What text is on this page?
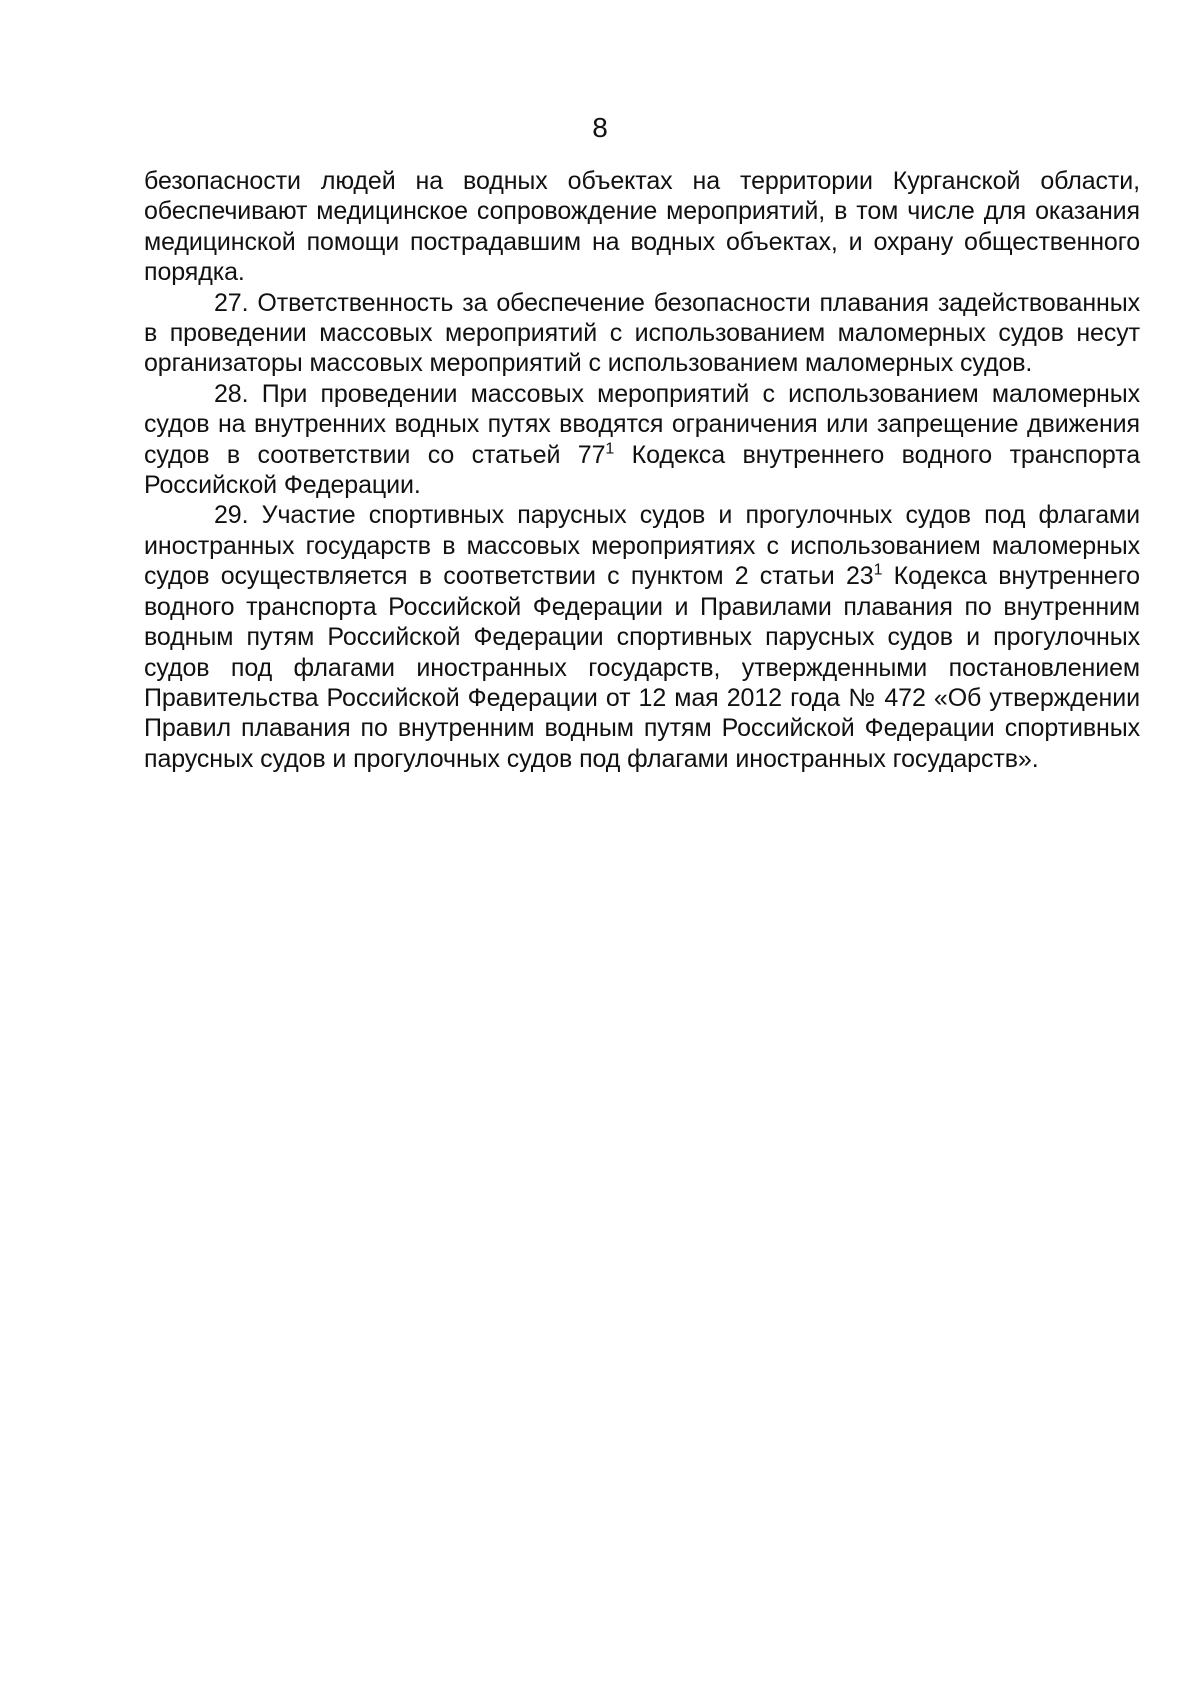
8

безопасности людей на водных объектах на территории Курганской области, обеспечивают медицинское сопровождение мероприятий, в том числе для оказания медицинской помощи пострадавшим на водных объектах, и охрану общественного порядка.

27. Ответственность за обеспечение безопасности плавания задействованных в проведении массовых мероприятий с использованием маломерных судов несут организаторы массовых мероприятий с использованием маломерных судов.

28. При проведении массовых мероприятий с использованием маломерных судов на внутренних водных путях вводятся ограничения или запрещение движения судов в соответствии со статьей $77^1$ Кодекса внутреннего водного транспорта Российской Федерации.

29. Участие спортивных парусных судов и прогулочных судов под флагами иностранных государств в массовых мероприятиях с использованием маломерных судов осуществляется в соответствии с пунктом 2 статьи $23^1$ Кодекса внутреннего водного транспорта Российской Федерации и Правилами плавания по внутренним водным путям Российской Федерации спортивных парусных судов и прогулочных судов под флагами иностранных государств, утвержденными постановлением Правительства Российской Федерации от 12 мая 2012 года № 472 «Об утверждении Правил плавания по внутренним водным путям Российской Федерации спортивных парусных судов и прогулочных судов под флагами иностранных государств».
